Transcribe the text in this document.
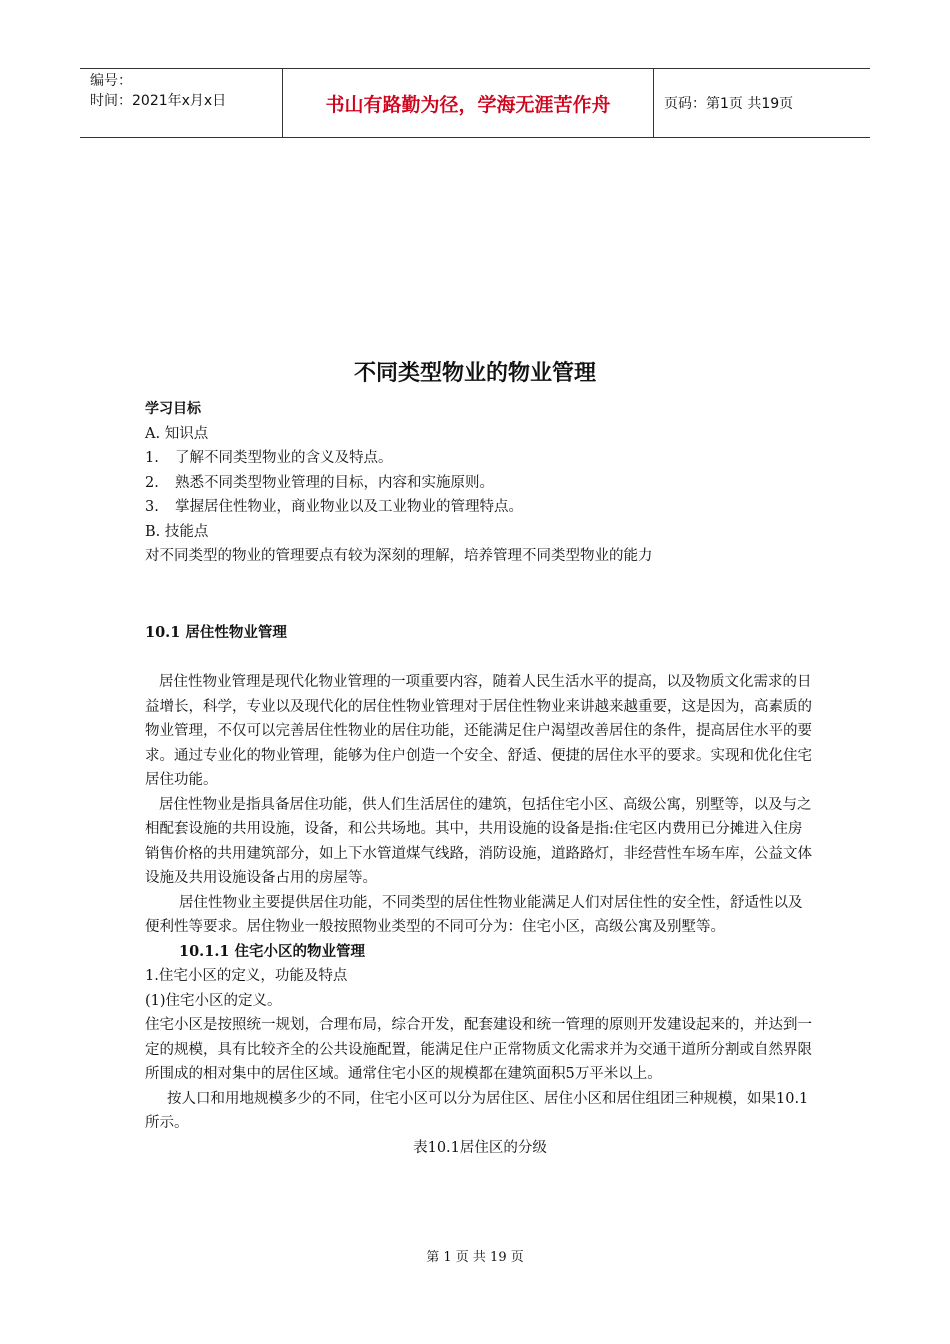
编号：
时间：2021年x月x日	书山有路勤为径，学海无涯苦作舟	页码：第1页 共19页
不同类型物业的物业管理

学习目标

A. 知识点

1. 了解不同类型物业的含义及特点。

2. 熟悉不同类型物业管理的目标，内容和实施原则。

3. 掌握居住性物业，商业物业以及工业物业的管理特点。

B. 技能点

对不同类型的物业的管理要点有较为深刻的理解，培养管理不同类型物业的能力

10.1 居住性物业管理

居住性物业管理是现代化物业管理的一项重要内容，随着人民生活水平的提高，以及物质文化需求的日益增长，科学，专业以及现代化的居住性物业管理对于居住性物业来讲越来越重要，这是因为，高素质的物业管理，不仅可以完善居住性物业的居住功能，还能满足住户渴望改善居住的条件，提高居住水平的要求。通过专业化的物业管理，能够为住户创造一个安全、舒适、便捷的居住水平的要求。实现和优化住宅居住功能。

居住性物业是指具备居住功能，供人们生活居住的建筑，包括住宅小区、高级公寓，别墅等，以及与之相配套设施的共用设施，设备，和公共场地。其中，共用设施的设备是指:住宅区内费用已分摊进入住房销售价格的共用建筑部分，如上下水管道煤气线路，消防设施，道路路灯，非经营性车场车库，公益文体设施及共用设施设备占用的房屋等。

居住性物业主要提供居住功能，不同类型的居住性物业能满足人们对居住性的安全性，舒适性以及便利性等要求。居住物业一般按照物业类型的不同可分为：住宅小区，高级公寓及别墅等。

10.1.1 住宅小区的物业管理

1.住宅小区的定义，功能及特点

(1)住宅小区的定义。

住宅小区是按照统一规划，合理布局，综合开发，配套建设和统一管理的原则开发建设起来的，并达到一定的规模，具有比较齐全的公共设施配置，能满足住户正常物质文化需求并为交通干道所分割或自然界限所围成的相对集中的居住区域。通常住宅小区的规模都在建筑面积5万平米以上。

按人口和用地规模多少的不同，住宅小区可以分为居住区、居住小区和居住组团三种规模，如果10.1所示。

表10.1居住区的分级

第 1 页 共 19 页
